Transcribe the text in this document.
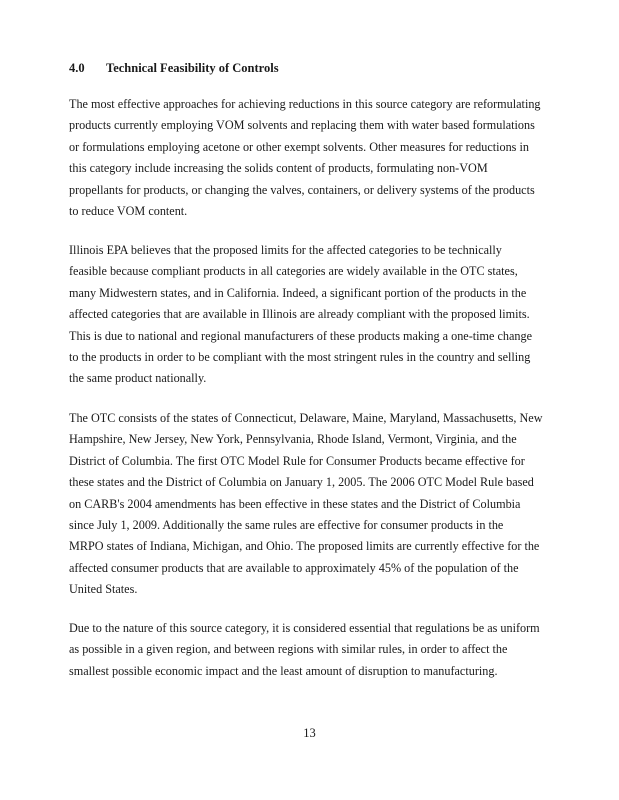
4.0 Technical Feasibility of Controls

The most effective approaches for achieving reductions in this source category are reformulating
products currently employing VOM solvents and replacing them with water based formulations
or formulations employing acetone or other exempt solvents. Other measures for reductions in
this category include increasing the solids content of products, formulating non-VOM
propellants for products, or changing the valves, containers, or delivery systems of the products
to reduce VOM content.

Illinois EPA believes that the proposed limits for the affected categories to be technically
feasible because compliant products in all categories are widely available in the OTC states,
many Midwestern states, and in California. Indeed, a significant portion of the products in the
affected categories that are available in Illinois are already compliant with the proposed limits.
This is due to national and regional manufacturers of these products making a one-time change
to the products in order to be compliant with the most stringent rules in the country and selling
the same product nationally.

The OTC consists of the states of Connecticut, Delaware, Maine, Maryland, Massachusetts, New
Hampshire, New Jersey, New York, Pennsylvania, Rhode Island, Vermont, Virginia, and the
District of Columbia. The first OTC Model Rule for Consumer Products became effective for
these states and the District of Columbia on January 1, 2005. The 2006 OTC Model Rule based
on CARB's 2004 amendments has been effective in these states and the District of Columbia
since July 1, 2009. Additionally the same rules are effective for consumer products in the
MRPO states of Indiana, Michigan, and Ohio. The proposed limits are currently effective for the
affected consumer products that are available to approximately 45% of the population of the
United States.

Due to the nature of this source category, it is considered essential that regulations be as uniform
as possible in a given region, and between regions with similar rules, in order to affect the
smallest possible economic impact and the least amount of disruption to manufacturing.

13
